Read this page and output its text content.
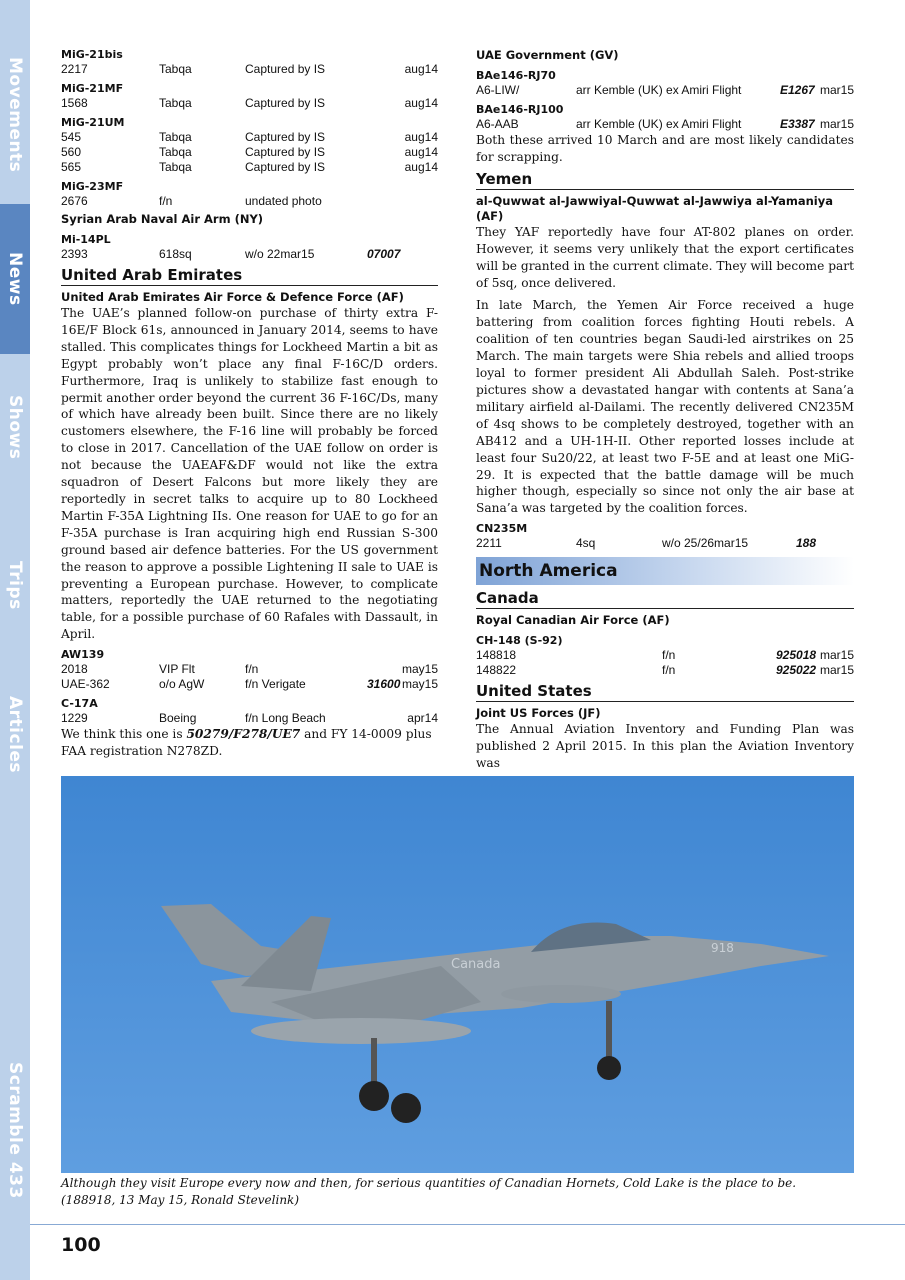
Movements
News
Shows
Trips
Articles
Scramble 433
MiG-21bis
2217	Tabqa	Captured by IS	aug14
MiG-21MF
1568	Tabqa	Captured by IS	aug14
MiG-21UM
545	Tabqa	Captured by IS	aug14
560	Tabqa	Captured by IS	aug14
565	Tabqa	Captured by IS	aug14
MiG-23MF
2676	f/n	undated photo
Syrian Arab Naval Air Arm (NY)
Mi-14PL
2393	618sq	w/o 22mar15	07007
United Arab Emirates
United Arab Emirates Air Force & Defence Force (AF)

The UAE’s planned follow-on purchase of thirty extra F-16E/F Block 61s, announced in January 2014, seems to have stalled. This complicates things for Lockheed Martin a bit as Egypt probably won’t place any final F-16C/D orders. Furthermore, Iraq is unlikely to stabilize fast enough to permit another order beyond the current 36 F-16C/Ds, many of which have already been built. Since there are no likely customers elsewhere, the F-16 line will probably be forced to close in 2017. Cancellation of the UAE follow on order is not because the UAEAF&DF would not like the extra squadron of Desert Falcons but more likely they are reportedly in secret talks to acquire up to 80 Lockheed Martin F-35A Lightning IIs. One reason for UAE to go for an F-35A purchase is Iran acquiring high end Russian S-300 ground based air defence batteries. For the US government the reason to approve a possible Lightening II sale to UAE is preventing a European purchase. However, to complicate matters, reportedly the UAE returned to the negotiating table, for a possible purchase of 60 Rafales with Dassault, in April.

AW139
2018	VIP Flt	f/n	may15
UAE-362	o/o AgW	f/n Verigate	31600 may15
C-17A
1229	Boeing	f/n Long Beach	apr14

We think this one is 50279/F278/UE7 and FY 14-0009 plus FAA registration N278ZD.

UAE Government (GV)
BAe146-RJ70
A6-LIW/	arr Kemble (UK) ex Amiri Flight	E1267 mar15
BAe146-RJ100
A6-AAB	arr Kemble (UK) ex Amiri Flight	E3387 mar15

Both these arrived 10 March and are most likely candidates for scrapping.

Yemen
al-Quwwat al-Jawwiyal-Quwwat al-Jawwiya al-Yamaniya (AF)

They YAF reportedly have four AT-802 planes on order. However, it seems very unlikely that the export certificates will be granted in the current climate. They will become part of 5sq, once delivered.

In late March, the Yemen Air Force received a huge battering from coalition forces fighting Houti rebels. A coalition of ten countries began Saudi-led airstrikes on 25 March. The main targets were Shia rebels and allied troops loyal to former president Ali Abdullah Saleh. Post-strike pictures show a devastated hangar with contents at Sana’a military airfield al-Dailami. The recently delivered CN235M of 4sq shows to be completely destroyed, together with an AB412 and a UH-1H-II. Other reported losses include at least four Su20/22, at least two F-5E and at least one MiG-29. It is expected that the battle damage will be much higher though, especially so since not only the air base at Sana’a was targeted by the coalition forces.

CN235M
2211	4sq	w/o 25/26mar15	188
North America
Canada
Royal Canadian Air Force (AF)
CH-148 (S-92)
148818	f/n	925018 mar15
148822	f/n	925022 mar15
United States
Joint US Forces (JF)

The Annual Aviation Inventory and Funding Plan was published 2 April 2015. In this plan the Aviation Inventory was

Canada
918
Although they visit Europe every now and then, for serious quantities of Canadian Hornets, Cold Lake is the place to be. (188918, 13 May 15, Ronald Stevelink)
100
